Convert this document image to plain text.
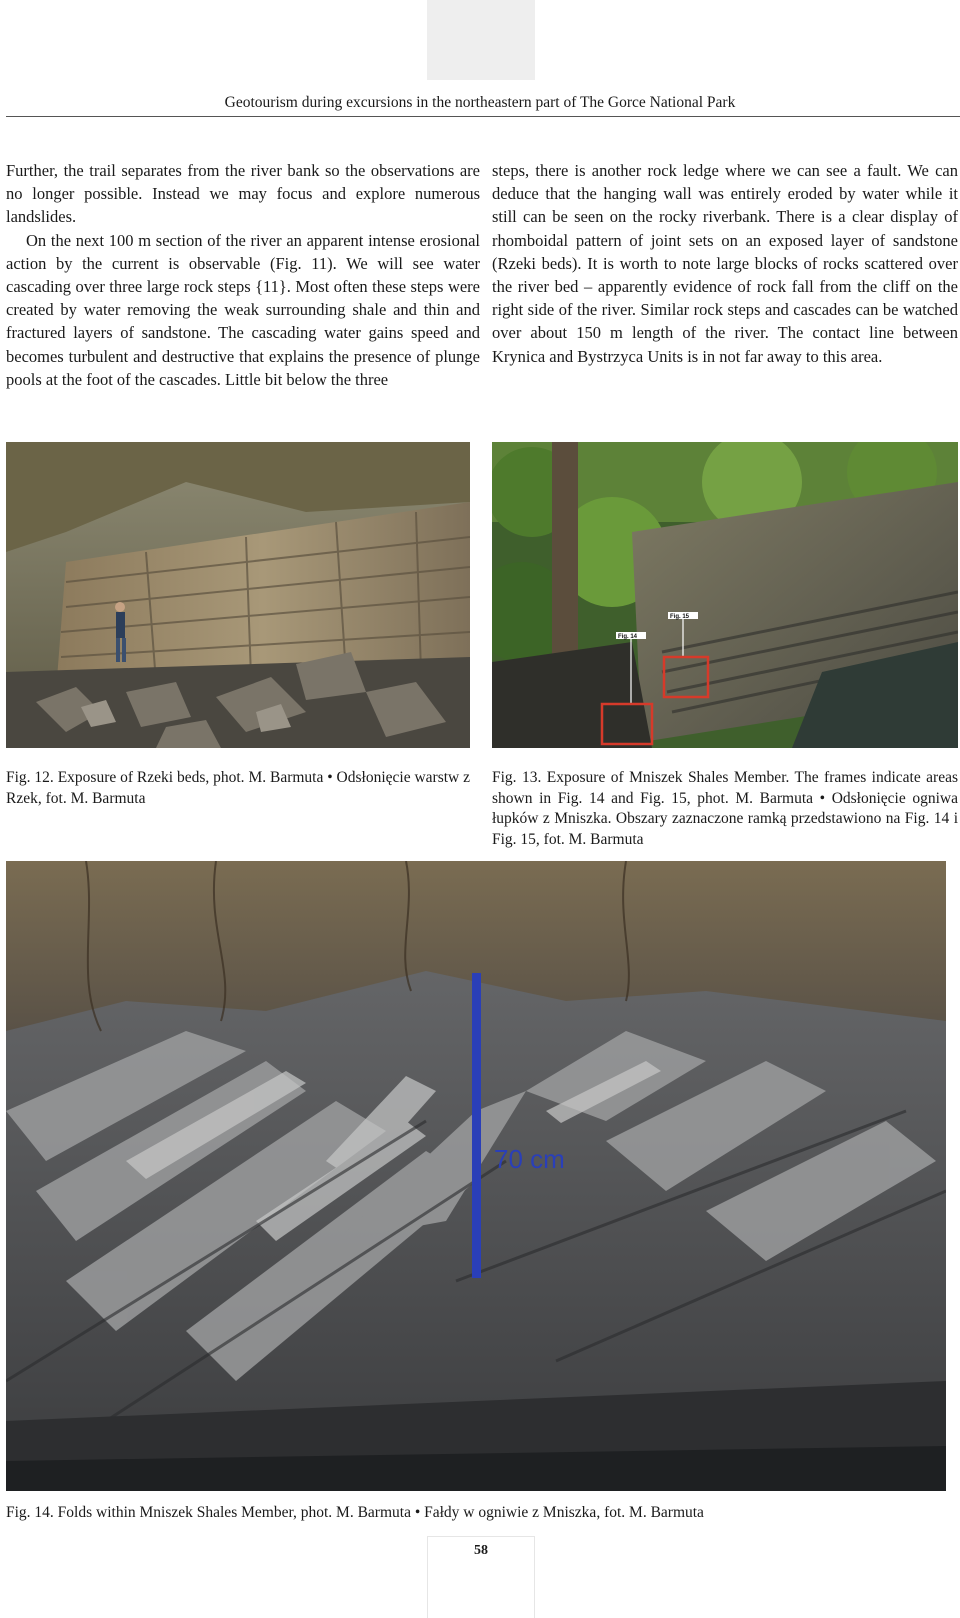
Geotourism during excursions in the northeastern part of The Gorce National Park

Further, the trail separates from the river bank so the observations are no longer possible. Instead we may focus and explore numerous landslides.

On the next 100 m section of the river an apparent intense erosional action by the current is observable (Fig. 11). We will see water cascading over three large rock steps {11}. Most often these steps were created by water removing the weak surrounding shale and thin and fractured layers of sandstone. The cascading water gains speed and becomes turbulent and destructive that explains the presence of plunge pools at the foot of the cascades. Little bit below the three

steps, there is another rock ledge where we can see a fault. We can deduce that the hanging wall was entirely eroded by water while it still can be seen on the rocky riverbank. There is a clear display of rhomboidal pattern of joint sets on an exposed layer of sandstone (Rzeki beds). It is worth to note large blocks of rocks scattered over the river bed – apparently evidence of rock fall from the cliff on the right side of the river. Similar rock steps and cascades can be watched over about 150 m length of the river. The contact line between Krynica and Bystrzyca Units is in not far away to this area.

Fig. 14
Fig. 15
Fig. 12. Exposure of Rzeki beds, phot. M. Barmuta • Odsłonięcie warstw z Rzek, fot. M. Barmuta
Fig. 13. Exposure of Mniszek Shales Member. The frames indicate areas shown in Fig. 14 and Fig. 15, phot. M. Barmuta • Odsłonięcie ogniwa łupków z Mniszka. Obszary zaznaczone ramką przedstawiono na Fig. 14 i Fig. 15, fot. M. Barmuta
70 cm
Fig. 14. Folds within Mniszek Shales Member, phot. M. Barmuta • Fałdy w ogniwie z Mniszka, fot. M. Barmuta
58
